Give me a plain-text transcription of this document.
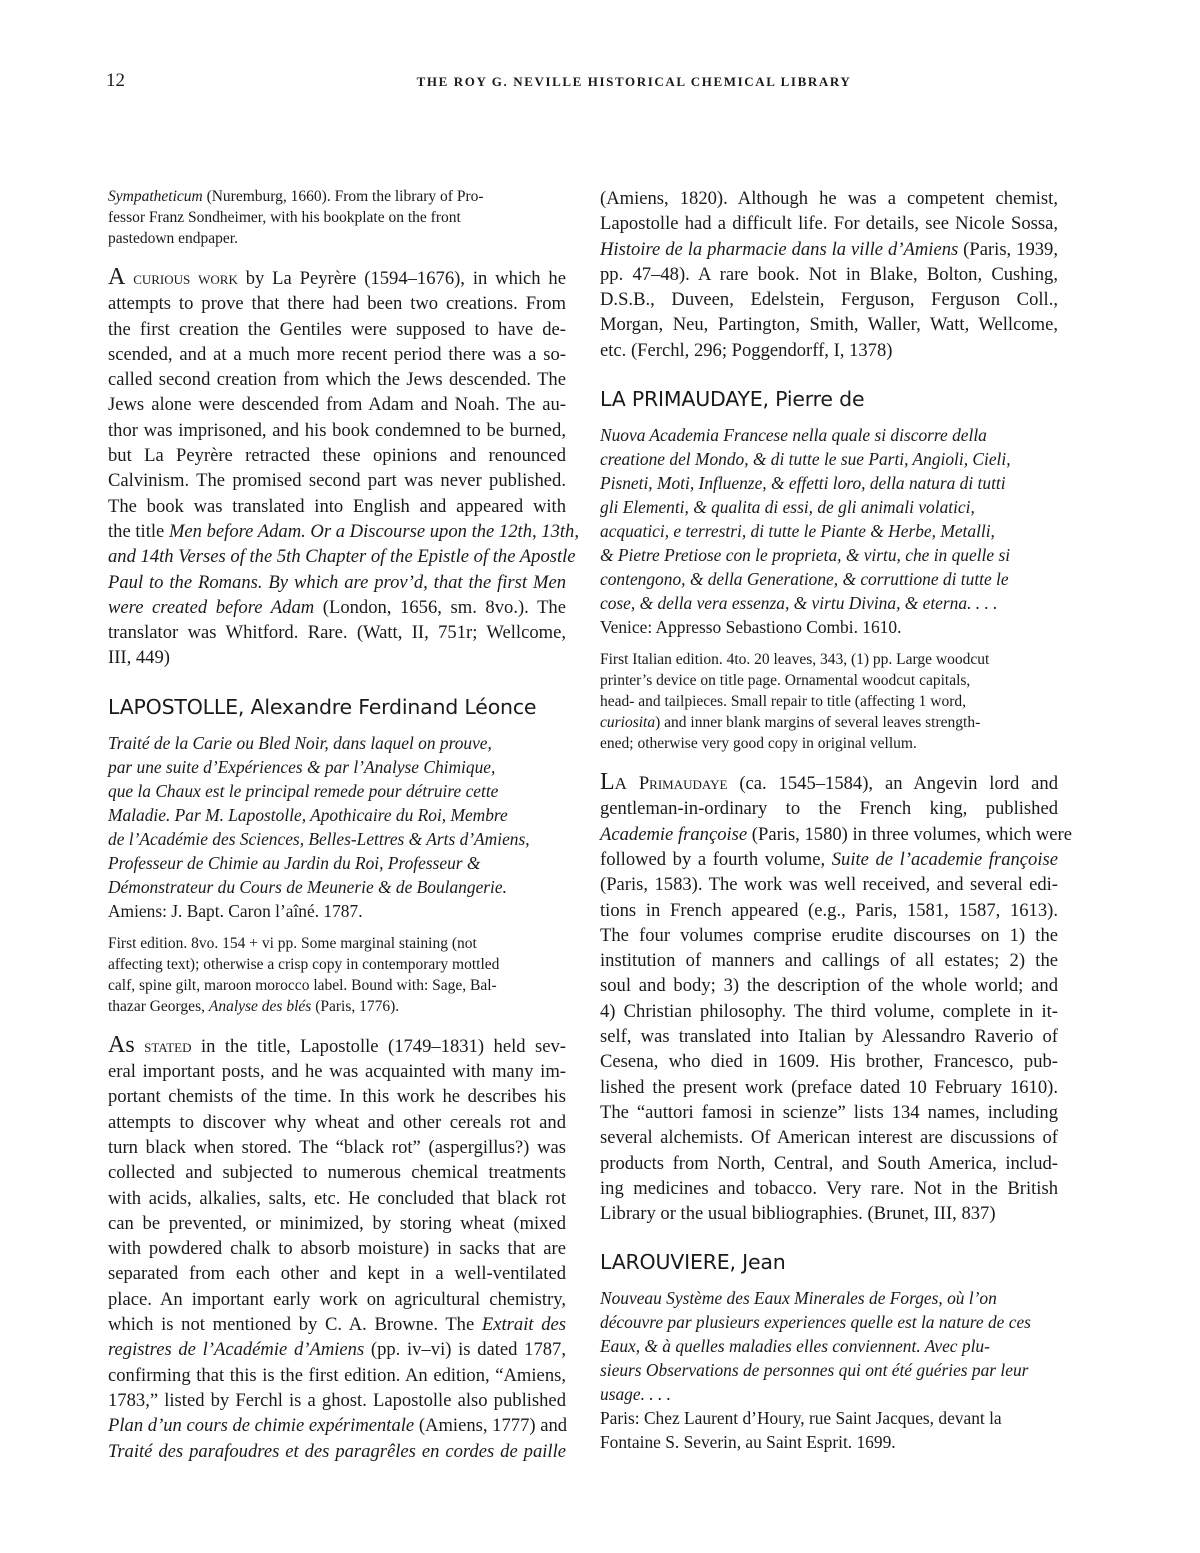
12	THE ROY G. NEVILLE HISTORICAL CHEMICAL LIBRARY
Sympatheticum (Nuremburg, 1660). From the library of Pro-
fessor Franz Sondheimer, with his bookplate on the front
pastedown endpaper.
A curious work by La Peyrère (1594–1676), in which he
attempts to prove that there had been two creations. From
the first creation the Gentiles were supposed to have de-
scended, and at a much more recent period there was a so-
called second creation from which the Jews descended. The
Jews alone were descended from Adam and Noah. The au-
thor was imprisoned, and his book condemned to be burned,
but La Peyrère retracted these opinions and renounced
Calvinism. The promised second part was never published.
The book was translated into English and appeared with
the title Men before Adam. Or a Discourse upon the 12th, 13th,
and 14th Verses of the 5th Chapter of the Epistle of the Apostle
Paul to the Romans. By which are prov’d, that the first Men
were created before Adam (London, 1656, sm. 8vo.). The
translator was Whitford. Rare. (Watt, II, 751r; Wellcome,
III, 449)
LAPOSTOLLE, Alexandre Ferdinand Léonce
Traité de la Carie ou Bled Noir, dans laquel on prouve,
par une suite d’Expériences & par l’Analyse Chimique,
que la Chaux est le principal remede pour détruire cette
Maladie. Par M. Lapostolle, Apothicaire du Roi, Membre
de l’Académie des Sciences, Belles-Lettres & Arts d’Amiens,
Professeur de Chimie au Jardin du Roi, Professeur &
Démonstrateur du Cours de Meunerie & de Boulangerie.
Amiens: J. Bapt. Caron l’aîné. 1787.
First edition. 8vo. 154 + vi pp. Some marginal staining (not
affecting text); otherwise a crisp copy in contemporary mottled
calf, spine gilt, maroon morocco label. Bound with: Sage, Bal-
thazar Georges, Analyse des blés (Paris, 1776).
As stated in the title, Lapostolle (1749–1831) held sev-
eral important posts, and he was acquainted with many im-
portant chemists of the time. In this work he describes his
attempts to discover why wheat and other cereals rot and
turn black when stored. The “black rot” (aspergillus?) was
collected and subjected to numerous chemical treatments
with acids, alkalies, salts, etc. He concluded that black rot
can be prevented, or minimized, by storing wheat (mixed
with powdered chalk to absorb moisture) in sacks that are
separated from each other and kept in a well-ventilated
place. An important early work on agricultural chemistry,
which is not mentioned by C. A. Browne. The Extrait des
registres de l’Académie d’Amiens (pp. iv–vi) is dated 1787,
confirming that this is the first edition. An edition, “Amiens,
1783,” listed by Ferchl is a ghost. Lapostolle also published
Plan d’un cours de chimie expérimentale (Amiens, 1777) and
Traité des parafoudres et des paragrêles en cordes de paille
(Amiens, 1820). Although he was a competent chemist,
Lapostolle had a difficult life. For details, see Nicole Sossa,
Histoire de la pharmacie dans la ville d’Amiens (Paris, 1939,
pp. 47–48). A rare book. Not in Blake, Bolton, Cushing,
D.S.B., Duveen, Edelstein, Ferguson, Ferguson Coll.,
Morgan, Neu, Partington, Smith, Waller, Watt, Wellcome,
etc. (Ferchl, 296; Poggendorff, I, 1378)
LA PRIMAUDAYE, Pierre de
Nuova Academia Francese nella quale si discorre della
creatione del Mondo, & di tutte le sue Parti, Angioli, Cieli,
Pisneti, Moti, Influenze, & effetti loro, della natura di tutti
gli Elementi, & qualita di essi, de gli animali volatici,
acquatici, e terrestri, di tutte le Piante & Herbe, Metalli,
& Pietre Pretiose con le proprieta, & virtu, che in quelle si
contengono, & della Generatione, & corruttione di tutte le
cose, & della vera essenza, & virtu Divina, & eterna. . . .
Venice: Appresso Sebastiono Combi. 1610.
First Italian edition. 4to. 20 leaves, 343, (1) pp. Large woodcut
printer’s device on title page. Ornamental woodcut capitals,
head- and tailpieces. Small repair to title (affecting 1 word,
curiosita) and inner blank margins of several leaves strength-
ened; otherwise very good copy in original vellum.
La Primaudaye (ca. 1545–1584), an Angevin lord and
gentleman-in-ordinary to the French king, published
Academie françoise (Paris, 1580) in three volumes, which were
followed by a fourth volume, Suite de l’academie françoise
(Paris, 1583). The work was well received, and several edi-
tions in French appeared (e.g., Paris, 1581, 1587, 1613).
The four volumes comprise erudite discourses on 1) the
institution of manners and callings of all estates; 2) the
soul and body; 3) the description of the whole world; and
4) Christian philosophy. The third volume, complete in it-
self, was translated into Italian by Alessandro Raverio of
Cesena, who died in 1609. His brother, Francesco, pub-
lished the present work (preface dated 10 February 1610).
The “auttori famosi in scienze” lists 134 names, including
several alchemists. Of American interest are discussions of
products from North, Central, and South America, includ-
ing medicines and tobacco. Very rare. Not in the British
Library or the usual bibliographies. (Brunet, III, 837)
LAROUVIERE, Jean
Nouveau Système des Eaux Minerales de Forges, où l’on
découvre par plusieurs experiences quelle est la nature de ces
Eaux, & à quelles maladies elles conviennent. Avec plu-
sieurs Observations de personnes qui ont été guéries par leur
usage. . . .
Paris: Chez Laurent d’Houry, rue Saint Jacques, devant la
Fontaine S. Severin, au Saint Esprit. 1699.
